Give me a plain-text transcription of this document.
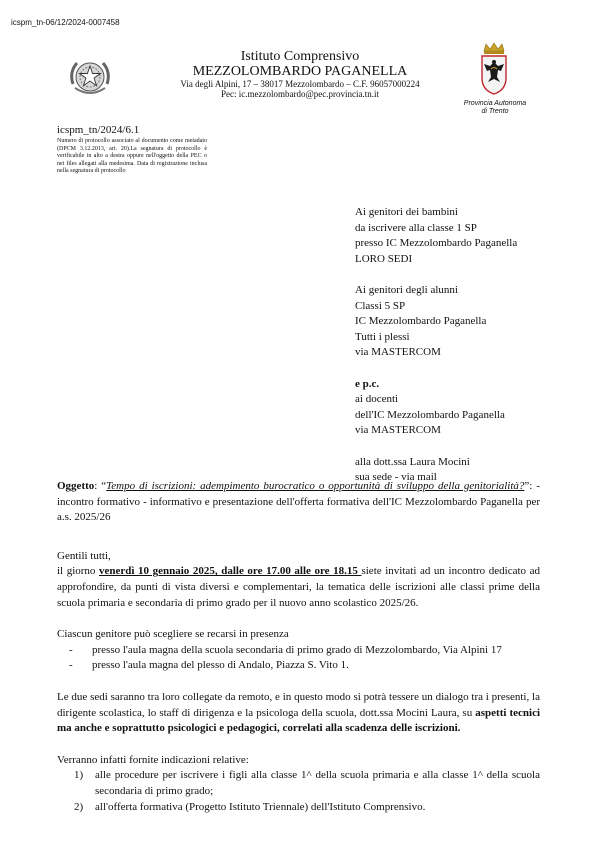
icspm_tn-06/12/2024-0007458
Istituto Comprensivo
MEZZOLOMBARDO PAGANELLA
Via degli Alpini, 17 – 38017 Mezzolombardo – C.F. 96057000224
Pec: ic.mezzolombardo@pec.provincia.tn.it
Provincia Autonoma
di Trento
icspm_tn/2024/6.1
Numero di protocollo associato al documento come metadato (DPCM 3.12.2013, art. 20).La segnatura di protocollo è verificabile in alto a destra oppure nell'oggetto della PEC o nei files allegati alla medesima. Data di registrazione inclusa nella segnatura di protocollo
Ai genitori dei bambini
da iscrivere alla classe 1 SP
presso IC Mezzolombardo Paganella
LORO SEDI
Ai genitori degli alunni
Classi 5 SP
IC Mezzolombardo Paganella
Tutti i plessi
via MASTERCOM
e p.c.
ai docenti
dell'IC Mezzolombardo Paganella
via MASTERCOM
alla dott.ssa Laura Mocini
sua sede - via mail

Oggetto: “Tempo di iscrizioni: adempimento burocratico o opportunità di sviluppo della genitorialità?”: - incontro formativo - informativo e presentazione dell'offerta formativa dell'IC Mezzolombardo Paganella per a.s. 2025/26

Gentili tutti,

il giorno venerdì 10 gennaio 2025, dalle ore 17.00 alle ore 18.15 siete invitati ad un incontro dedicato ad approfondire, da punti di vista diversi e complementari, la tematica delle iscrizioni alle classi prime della scuola primaria e secondaria di primo grado per il nuovo anno scolastico 2025/26.

Ciascun genitore può scegliere se recarsi in presenza

- presso l'aula magna della scuola secondaria di primo grado di Mezzolombardo, Via Alpini 17
- presso l'aula magna del plesso di Andalo, Piazza S. Vito 1.

Le due sedi saranno tra loro collegate da remoto, e in questo modo si potrà tessere un dialogo tra i presenti, la dirigente scolastica, lo staff di dirigenza e la psicologa della scuola, dott.ssa Mocini Laura, su aspetti tecnici ma anche e soprattutto psicologici e pedagogici, correlati alla scadenza delle iscrizioni.

Verranno infatti fornite indicazioni relative:

1) alle procedure per iscrivere i figli alla classe 1^ della scuola primaria e alla classe 1^ della scuola secondaria di primo grado;
2) all'offerta formativa (Progetto Istituto Triennale) dell'Istituto Comprensivo.
